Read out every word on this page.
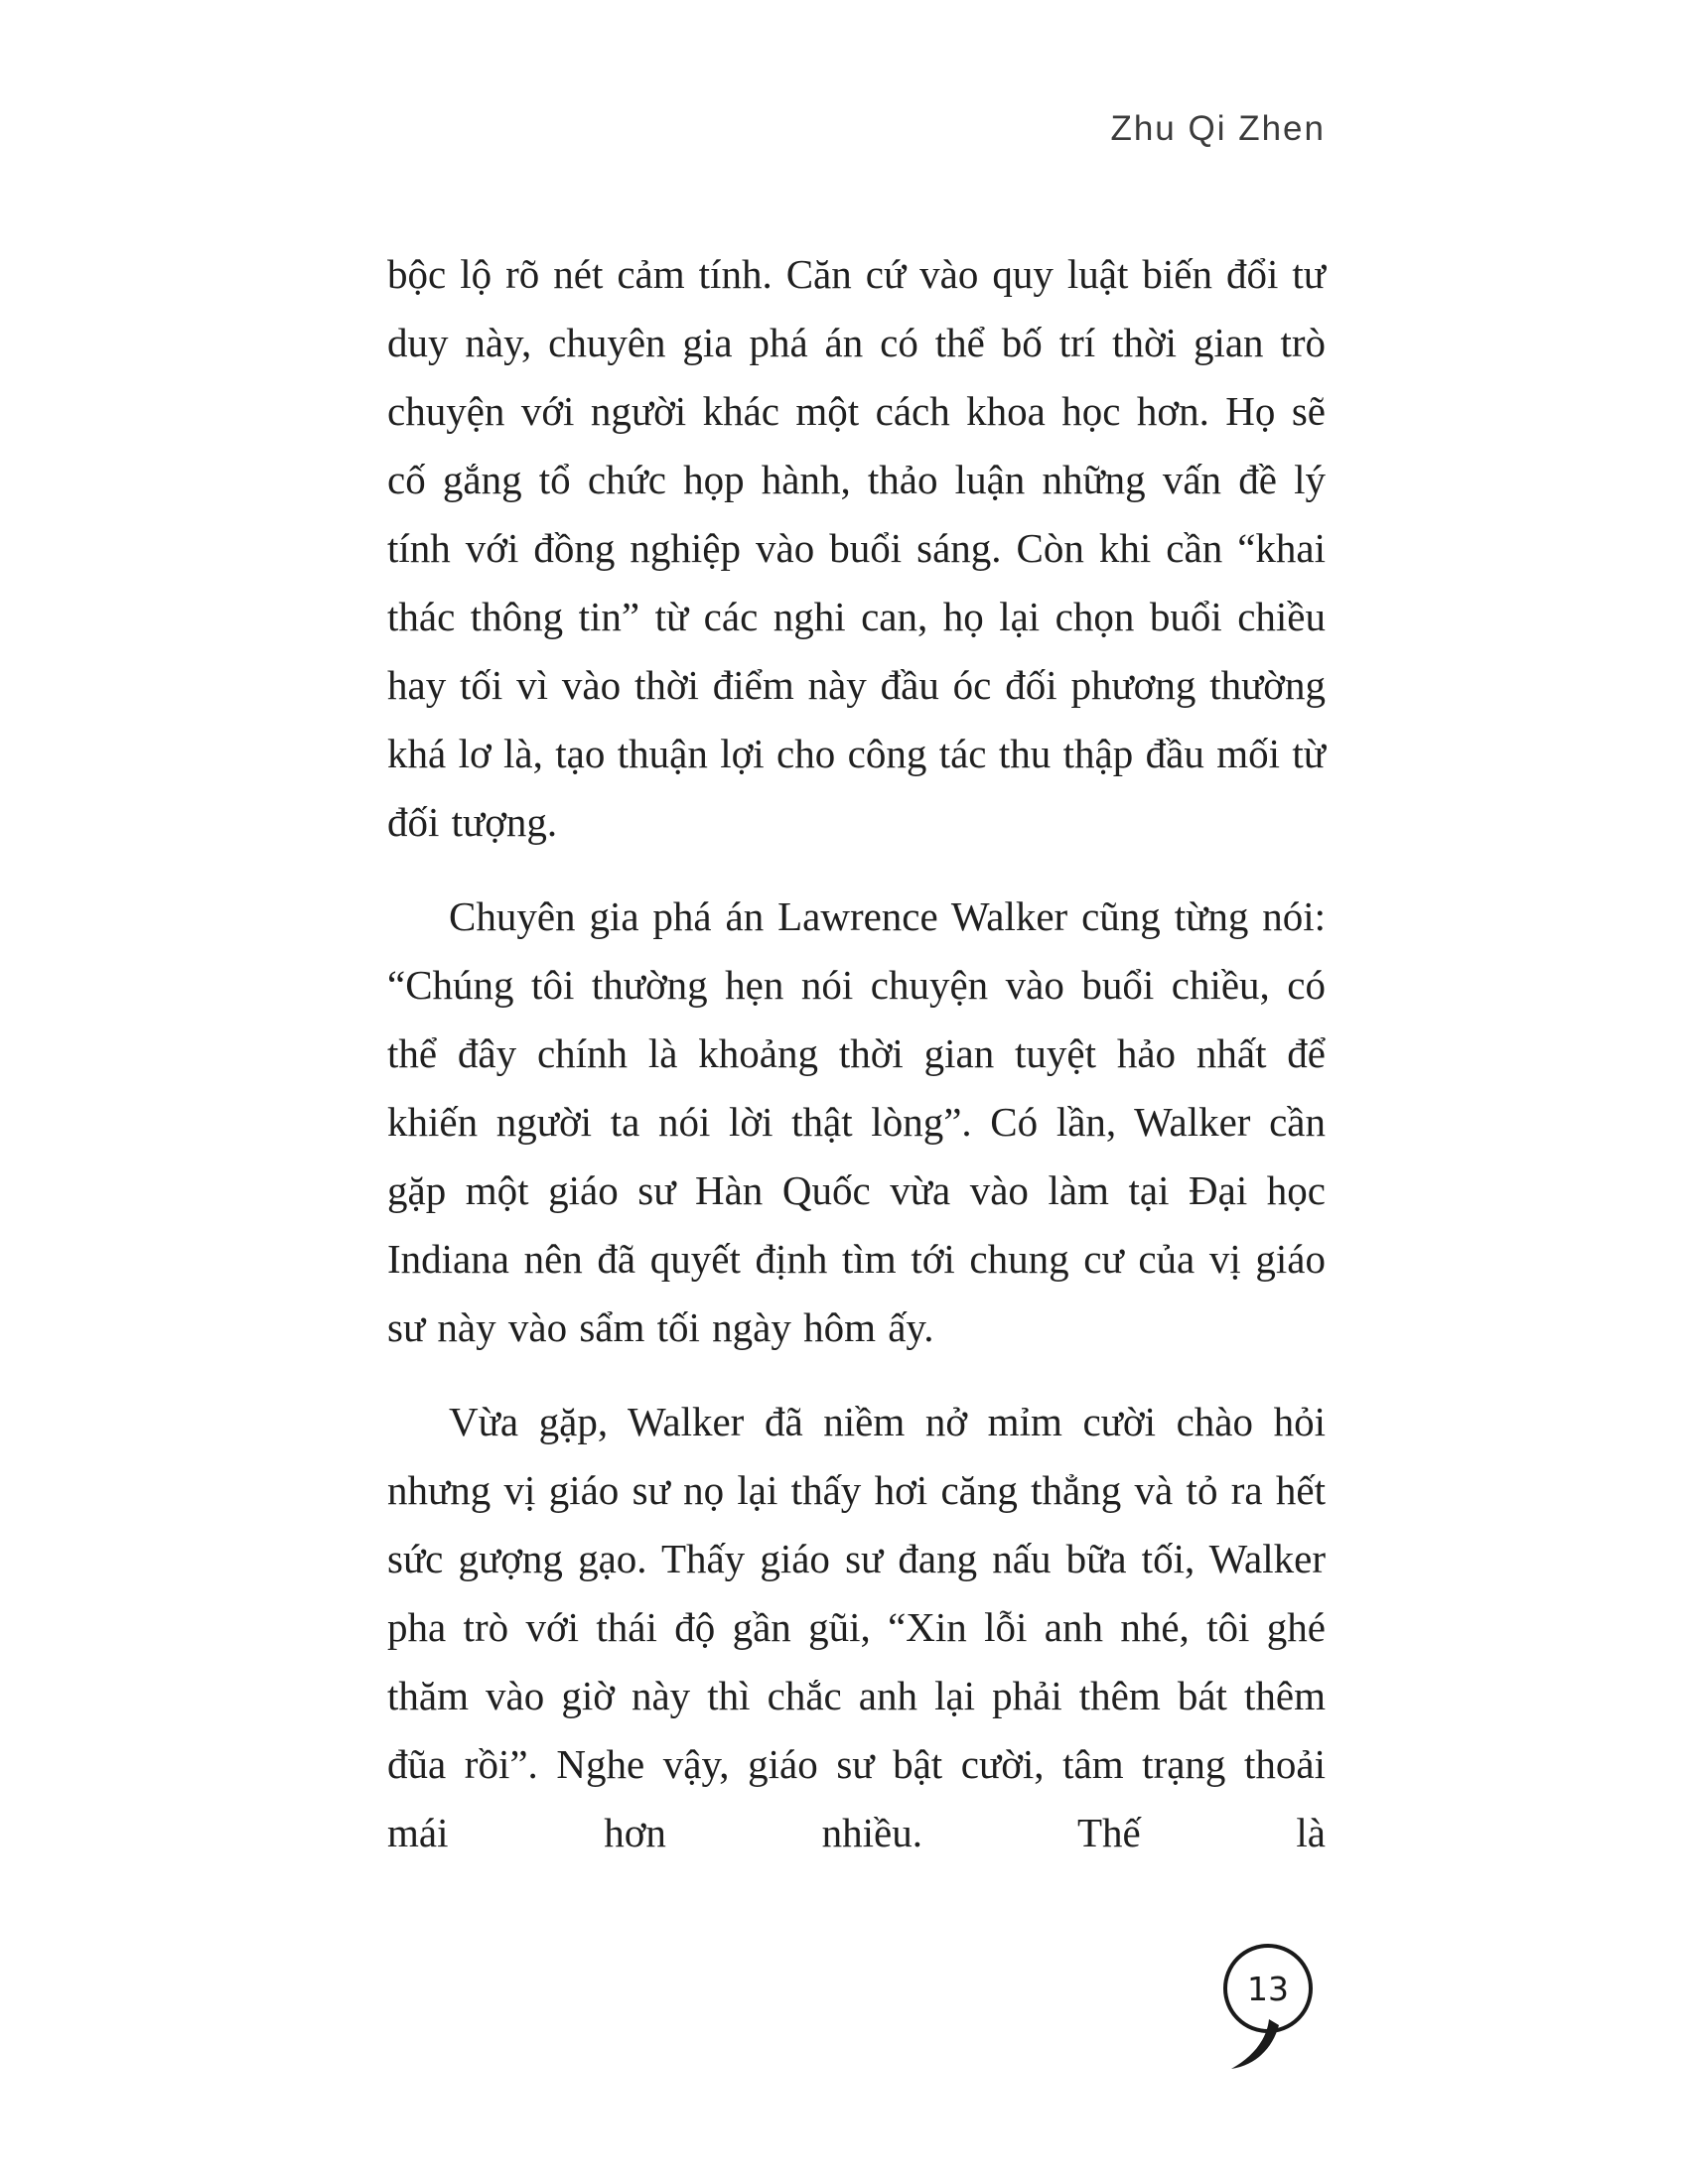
Zhu Qi Zhen

bộc lộ rõ nét cảm tính. Căn cứ vào quy luật biến đổi tư duy này, chuyên gia phá án có thể bố trí thời gian trò chuyện với người khác một cách khoa học hơn. Họ sẽ cố gắng tổ chức họp hành, thảo luận những vấn đề lý tính với đồng nghiệp vào buổi sáng. Còn khi cần “khai thác thông tin” từ các nghi can, họ lại chọn buổi chiều hay tối vì vào thời điểm này đầu óc đối phương thường khá lơ là, tạo thuận lợi cho công tác thu thập đầu mối từ đối tượng.

Chuyên gia phá án Lawrence Walker cũng từng nói: “Chúng tôi thường hẹn nói chuyện vào buổi chiều, có thể đây chính là khoảng thời gian tuyệt hảo nhất để khiến người ta nói lời thật lòng”. Có lần, Walker cần gặp một giáo sư Hàn Quốc vừa vào làm tại Đại học Indiana nên đã quyết định tìm tới chung cư của vị giáo sư này vào sẩm tối ngày hôm ấy.

Vừa gặp, Walker đã niềm nở mỉm cười chào hỏi nhưng vị giáo sư nọ lại thấy hơi căng thẳng và tỏ ra hết sức gượng gạo. Thấy giáo sư đang nấu bữa tối, Walker pha trò với thái độ gần gũi, “Xin lỗi anh nhé, tôi ghé thăm vào giờ này thì chắc anh lại phải thêm bát thêm đũa rồi”. Nghe vậy, giáo sư bật cười, tâm trạng thoải mái hơn nhiều. Thế là

13
